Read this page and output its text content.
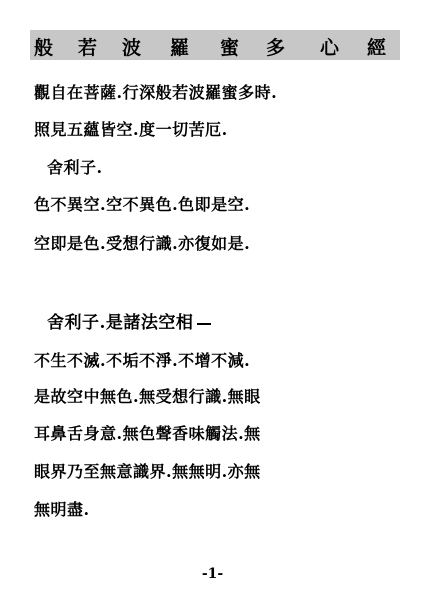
般 若 波 羅 蜜 多 心 經
觀自在菩薩.行深般若波羅蜜多時.
照見五蘊皆空.度一切苦厄.
舍利子.
色不異空.空不異色.色即是空.
空即是色.受想行識.亦復如是.
舍利子.是諸法空相
不生不滅.不垢不淨.不增不減.
是故空中無色.無受想行識.無眼
耳鼻舌身意.無色聲香味觸法.無
眼界乃至無意識界.無無明.亦無
無明盡.
-1-
